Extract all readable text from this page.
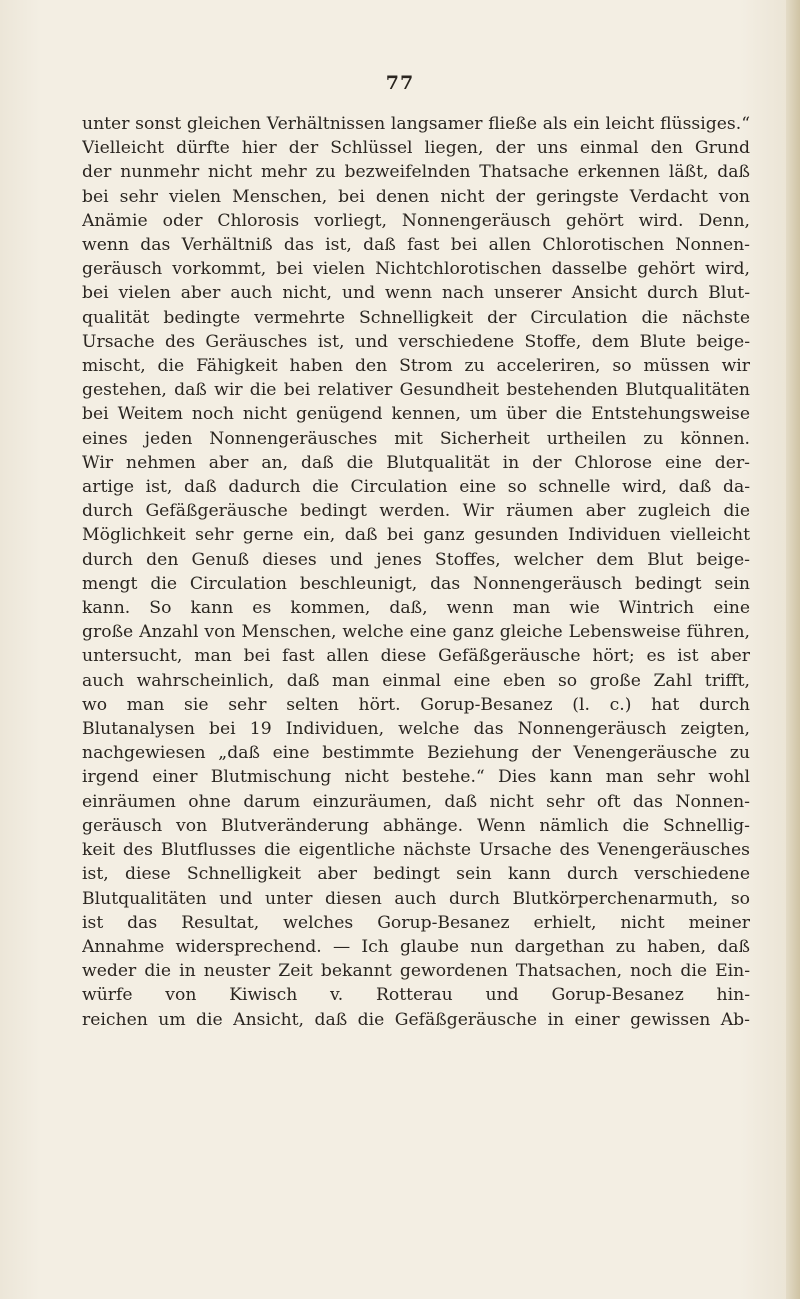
77
unter sonst gleichen Verhältnissen langsamer fließe als ein leicht flüssiges.“
Vielleicht dürfte hier der Schlüssel liegen, der uns einmal den Grund
der nunmehr nicht mehr zu bezweifelnden Thatsache erkennen läßt, daß
bei sehr vielen Menschen, bei denen nicht der geringste Verdacht von
Anämie oder Chlorosis vorliegt, Nonnengeräusch gehört wird. Denn,
wenn das Verhältniß das ist, daß fast bei allen Chlorotischen Nonnen-
geräusch vorkommt, bei vielen Nichtchlorotischen dasselbe gehört wird,
bei vielen aber auch nicht, und wenn nach unserer Ansicht durch Blut-
qualität bedingte vermehrte Schnelligkeit der Circulation die nächste
Ursache des Geräusches ist, und verschiedene Stoffe, dem Blute beige-
mischt, die Fähigkeit haben den Strom zu acceleriren, so müssen wir
gestehen, daß wir die bei relativer Gesundheit bestehenden Blutqualitäten
bei Weitem noch nicht genügend kennen, um über die Entstehungsweise
eines jeden Nonnengeräusches mit Sicherheit urtheilen zu können.
Wir nehmen aber an, daß die Blutqualität in der Chlorose eine der-
artige ist, daß dadurch die Circulation eine so schnelle wird, daß da-
durch Gefäßgeräusche bedingt werden. Wir räumen aber zugleich die
Möglichkeit sehr gerne ein, daß bei ganz gesunden Individuen vielleicht
durch den Genuß dieses und jenes Stoffes, welcher dem Blut beige-
mengt die Circulation beschleunigt, das Nonnengeräusch bedingt sein
kann. So kann es kommen, daß, wenn man wie Wintrich eine
große Anzahl von Menschen, welche eine ganz gleiche Lebensweise führen,
untersucht, man bei fast allen diese Gefäßgeräusche hört; es ist aber
auch wahrscheinlich, daß man einmal eine eben so große Zahl trifft,
wo man sie sehr selten hört. Gorup-Besanez (l. c.) hat durch
Blutanalysen bei 19 Individuen, welche das Nonnengeräusch zeigten,
nachgewiesen „daß eine bestimmte Beziehung der Venengeräusche zu
irgend einer Blutmischung nicht bestehe.“ Dies kann man sehr wohl
einräumen ohne darum einzuräumen, daß nicht sehr oft das Nonnen-
geräusch von Blutveränderung abhänge. Wenn nämlich die Schnellig-
keit des Blutflusses die eigentliche nächste Ursache des Venengeräusches
ist, diese Schnelligkeit aber bedingt sein kann durch verschiedene
Blutqualitäten und unter diesen auch durch Blutkörperchenarmuth, so
ist das Resultat, welches Gorup-Besanez erhielt, nicht meiner
Annahme widersprechend. — Ich glaube nun dargethan zu haben, daß
weder die in neuster Zeit bekannt gewordenen Thatsachen, noch die Ein-
würfe von Kiwisch v. Rotterau und Gorup-Besanez hin-
reichen um die Ansicht, daß die Gefäßgeräusche in einer gewissen Ab-
